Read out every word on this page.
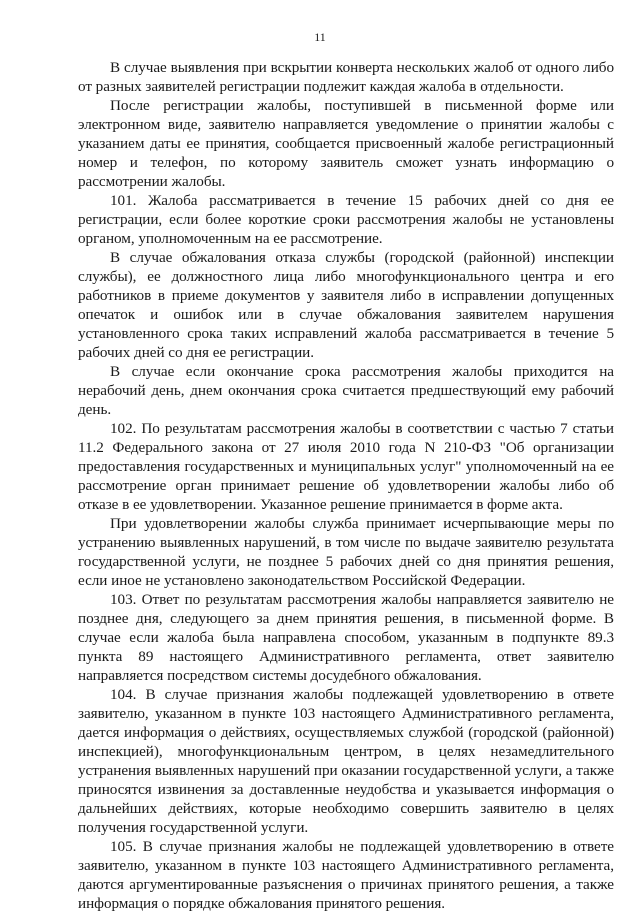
11

В случае выявления при вскрытии конверта нескольких жалоб от одного либо от разных заявителей регистрации подлежит каждая жалоба в отдельности.

После регистрации жалобы, поступившей в письменной форме или электронном виде, заявителю направляется уведомление о принятии жалобы с указанием даты ее принятия, сообщается присвоенный жалобе регистрационный номер и телефон, по которому заявитель сможет узнать информацию о рассмотрении жалобы.

101. Жалоба рассматривается в течение 15 рабочих дней со дня ее регистрации, если более короткие сроки рассмотрения жалобы не установлены органом, уполномоченным на ее рассмотрение.

В случае обжалования отказа службы (городской (районной) инспекции службы), ее должностного лица либо многофункционального центра и его работников в приеме документов у заявителя либо в исправлении допущенных опечаток и ошибок или в случае обжалования заявителем нарушения установленного срока таких исправлений жалоба рассматривается в течение 5 рабочих дней со дня ее регистрации.

В случае если окончание срока рассмотрения жалобы приходится на нерабочий день, днем окончания срока считается предшествующий ему рабочий день.

102. По результатам рассмотрения жалобы в соответствии с частью 7 статьи 11.2 Федерального закона от 27 июля 2010 года N 210-ФЗ "Об организации предоставления государственных и муниципальных услуг" уполномоченный на ее рассмотрение орган принимает решение об удовлетворении жалобы либо об отказе в ее удовлетворении. Указанное решение принимается в форме акта.

При удовлетворении жалобы служба принимает исчерпывающие меры по устранению выявленных нарушений, в том числе по выдаче заявителю результата государственной услуги, не позднее 5 рабочих дней со дня принятия решения, если иное не установлено законодательством Российской Федерации.

103. Ответ по результатам рассмотрения жалобы направляется заявителю не позднее дня, следующего за днем принятия решения, в письменной форме. В случае если жалоба была направлена способом, указанным в подпункте 89.3 пункта 89 настоящего Административного регламента, ответ заявителю направляется посредством системы досудебного обжалования.

104. В случае признания жалобы подлежащей удовлетворению в ответе заявителю, указанном в пункте 103 настоящего Административного регламента, дается информация о действиях, осуществляемых службой (городской (районной) инспекцией), многофункциональным центром, в целях незамедлительного устранения выявленных нарушений при оказании государственной услуги, а также приносятся извинения за доставленные неудобства и указывается информация о дальнейших действиях, которые необходимо совершить заявителю в целях получения государственной услуги.

105. В случае признания жалобы не подлежащей удовлетворению в ответе заявителю, указанном в пункте 103 настоящего Административного регламента, даются аргументированные разъяснения о причинах принятого решения, а также информация о порядке обжалования принятого решения.
